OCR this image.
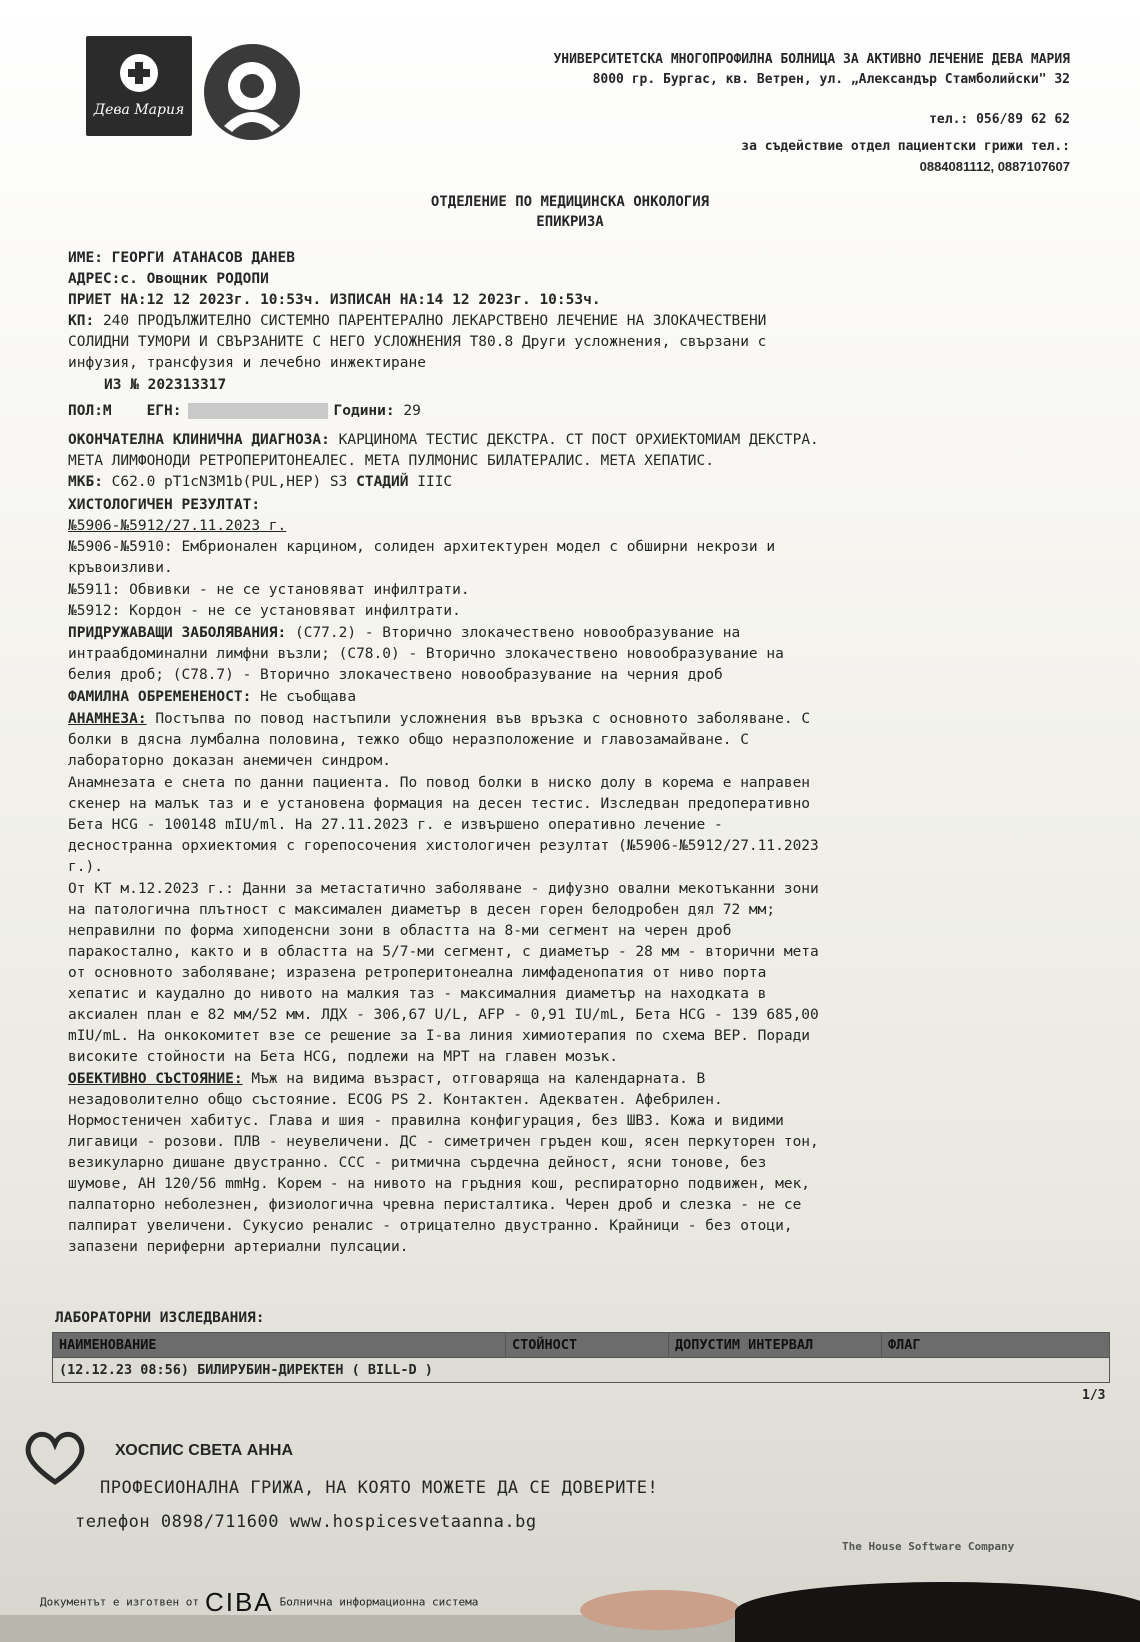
Дева Мария
УНИВЕРСИТЕТСКА МНОГОПРОФИЛНА БОЛНИЦА ЗА АКТИВНО ЛЕЧЕНИЕ ДЕВА МАРИЯ
8000 гр. Бургас, кв. Ветрен, ул. „Александър Стамболийски" 32
тел.: 056/89 62 62
за съдействие отдел пациентски грижи тел.:
0884081112, 0887107607
ОТДЕЛЕНИЕ ПО МЕДИЦИНСКА ОНКОЛОГИЯ
ЕПИКРИЗА
ИМЕ: ГЕОРГИ АТАНАСОВ ДАНЕВ
АДРЕС:с. Овощник РОДОПИ
ПРИЕТ НА:12 12 2023г. 10:53ч. ИЗПИСАН НА:14 12 2023г. 10:53ч.
КП: 240 ПРОДЪЛЖИТЕЛНО СИСТЕМНО ПАРЕНТЕРАЛНО ЛЕКАРСТВЕНО ЛЕЧЕНИЕ НА ЗЛОКАЧЕСТВЕНИ
СОЛИДНИ ТУМОРИ И СВЪРЗАНИТЕ С НЕГО УСЛОЖНЕНИЯ Т80.8 Други усложнения, свързани с
инфузия, трансфузия и лечебно инжектиране
ИЗ № 202313317
ПОЛ:М ЕГН:	Години: 29
ОКОНЧАТЕЛНА КЛИНИЧНА ДИАГНОЗА: КАРЦИНОМА ТЕСТИС ДЕКСТРА. СТ ПОСТ ОРХИЕКТОМИАМ ДЕКСТРА.
МЕТА ЛИМФОНОДИ РЕТРОПЕРИТОНЕАЛЕС. МЕТА ПУЛМОНИС БИЛАТЕРАЛИС. МЕТА ХЕПАТИС.
МКБ: C62.0 pT1cN3M1b(PUL,HEP) S3 СТАДИЙ IIIC
ХИСТОЛОГИЧЕН РЕЗУЛТАТ:
№5906-№5912/27.11.2023 г.
№5906-№5910: Ембрионален карцином, солиден архитектурен модел с обширни некрози и
кръвоизливи.
№5911: Обвивки - не се установяват инфилтрати.
№5912: Кордон - не се установяват инфилтрати.
ПРИДРУЖАВАЩИ ЗАБОЛЯВАНИЯ: (C77.2) - Вторично злокачествено новообразувание на
интраабдоминални лимфни възли; (C78.0) - Вторично злокачествено новообразувание на
белия дроб; (C78.7) - Вторично злокачествено новообразувание на черния дроб
ФАМИЛНА ОБРЕМЕНЕНОСТ: Не съобщава
АНАМНЕЗА: Постъпва по повод настъпили усложнения във връзка с основното заболяване. С
болки в дясна лумбална половина, тежко общо неразположение и главозамайване. С
лабораторно доказан анемичен синдром.
Анамнезата е снета по данни пациента. По повод болки в ниско долу в корема е направен
скенер на малък таз и е установена формация на десен тестис. Изследван предоперативно
Бета HCG - 100148 mIU/ml. На 27.11.2023 г. е извършено оперативно лечение -
деснострaнна орхиектомия с горепосочения хистологичен резултат (№5906-№5912/27.11.2023
г.).
От КТ м.12.2023 г.: Данни за метастатично заболяване - дифузно овални мекотъканни зони
на патологична плътност с максимален диаметър в десен горен белодробен дял 72 мм;
неправилни по форма хиподенсни зони в областта на 8-ми сегмент на черен дроб
паракостално, както и в областта на 5/7-ми сегмент, с диаметър - 28 мм - вторични мета
от основното заболяване; изразена ретроперитонеална лимфаденопатия от ниво порта
хепатис и каудално до нивото на малкия таз - максималния диаметър на находката в
аксиален план е 82 мм/52 мм. ЛДХ - 306,67 U/L, AFP - 0,91 IU/mL, Бета HCG - 139 685,00
mIU/mL. На онкокомитет взе се решение за I-ва линия химиотерапия по схема BEP. Поради
високите стойности на Бета HCG, подлежи на МРТ на главен мозък.
ОБЕКТИВНО СЪСТОЯНИЕ: Мъж на видима възраст, отговаряща на календарната. В
незадоволително общо състояние. ECOG PS 2. Контактен. Адекватен. Афебрилен.
Нормостеничен хабитус. Глава и шия - правилна конфигурация, без ШВЗ. Кожа и видими
лигавици - розови. ПЛВ - неувеличени. ДС - симетричен гръден кош, ясен перкуторен тон,
везикуларно дишане двустранно. ССС - ритмична сърдечна дейност, ясни тонове, без
шумове, АН 120/56 mmHg. Корем - на нивото на гръдния кош, респираторно подвижен, мек,
палпаторно неболезнен, физиологична чревна перисталтика. Черен дроб и слезка - не се
палпират увеличени. Сукусио реналис - отрицателно двустранно. Крайници - без отоци,
запазени периферни артериални пулсации.
ЛАБОРАТОРНИ ИЗСЛЕДВАНИЯ:
НАИМЕНОВАНИЕ	СТОЙНОСТ	ДОПУСТИМ ИНТЕРВАЛ	ФЛАГ
(12.12.23 08:56) БИЛИРУБИН-ДИРЕКТЕН ( BILL-D )
1/3
ХОСПИС СВЕТА АННА
ПРОФЕСИОНАЛНА ГРИЖА, НА КОЯТО МОЖЕТЕ ДА СЕ ДОВЕРИТЕ!
телефон 0898/711600 www.hospicesvetaanna.bg
The House Software Company
Документът е изготвен от CIBA Болнична информационна система
